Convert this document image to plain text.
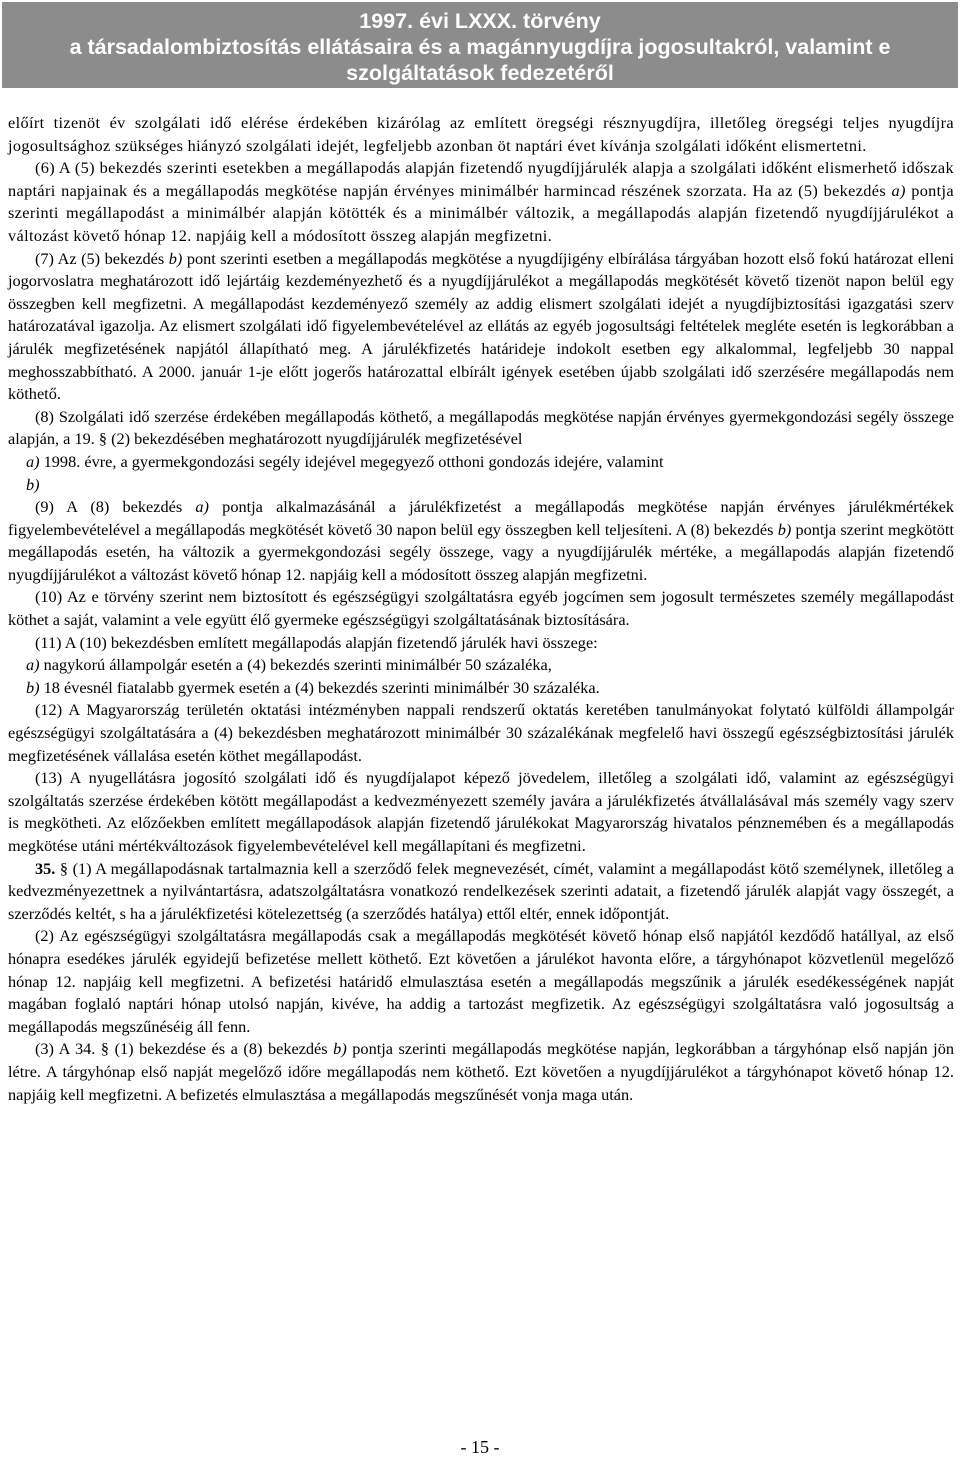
1997. évi LXXX. törvény
a társadalombiztosítás ellátásaira és a magánnyugdíjra jogosultakról, valamint e
szolgáltatások fedezetéről

előírt tizenöt év szolgálati idő elérése érdekében kizárólag az említett öregségi résznyugdíjra, illetőleg öregségi teljes nyugdíjra jogosultsághoz szükséges hiányzó szolgálati idejét, legfeljebb azonban öt naptári évet kívánja szolgálati időként elismertetni.

(6) A (5) bekezdés szerinti esetekben a megállapodás alapján fizetendő nyugdíjjárulék alapja a szolgálati időként elismerhető időszak naptári napjainak és a megállapodás megkötése napján érvényes minimálbér harmincad részének szorzata. Ha az (5) bekezdés a) pontja szerinti megállapodást a minimálbér alapján kötötték és a minimálbér változik, a megállapodás alapján fizetendő nyugdíjjárulékot a változást követő hónap 12. napjáig kell a módosított összeg alapján megfizetni.

(7) Az (5) bekezdés b) pont szerinti esetben a megállapodás megkötése a nyugdíjigény elbírálása tárgyában hozott első fokú határozat elleni jogorvoslatra meghatározott idő lejártáig kezdeményezhető és a nyugdíjjárulékot a megállapodás megkötését követő tizenöt napon belül egy összegben kell megfizetni. A megállapodást kezdeményező személy az addig elismert szolgálati idejét a nyugdíjbiztosítási igazgatási szerv határozatával igazolja. Az elismert szolgálati idő figyelembevételével az ellátás az egyéb jogosultsági feltételek megléte esetén is legkorábban a járulék megfizetésének napjától állapítható meg. A járulékfizetés határideje indokolt esetben egy alkalommal, legfeljebb 30 nappal meghosszabbítható. A 2000. január 1-je előtt jogerős határozattal elbírált igények esetében újabb szolgálati idő szerzésére megállapodás nem köthető.

(8) Szolgálati idő szerzése érdekében megállapodás köthető, a megállapodás megkötése napján érvényes gyermekgondozási segély összege alapján, a 19. § (2) bekezdésében meghatározott nyugdíjjárulék megfizetésével

a) 1998. évre, a gyermekgondozási segély idejével megegyező otthoni gondozás idejére, valamint

b)

(9) A (8) bekezdés a) pontja alkalmazásánál a járulékfizetést a megállapodás megkötése napján érvényes járulékmértékek figyelembevételével a megállapodás megkötését követő 30 napon belül egy összegben kell teljesíteni. A (8) bekezdés b) pontja szerint megkötött megállapodás esetén, ha változik a gyermekgondozási segély összege, vagy a nyugdíjjárulék mértéke, a megállapodás alapján fizetendő nyugdíjjárulékot a változást követő hónap 12. napjáig kell a módosított összeg alapján megfizetni.

(10) Az e törvény szerint nem biztosított és egészségügyi szolgáltatásra egyéb jogcímen sem jogosult természetes személy megállapodást köthet a saját, valamint a vele együtt élő gyermeke egészségügyi szolgáltatásának biztosítására.

(11) A (10) bekezdésben említett megállapodás alapján fizetendő járulék havi összege:

a) nagykorú állampolgár esetén a (4) bekezdés szerinti minimálbér 50 százaléka,

b) 18 évesnél fiatalabb gyermek esetén a (4) bekezdés szerinti minimálbér 30 százaléka.

(12) A Magyarország területén oktatási intézményben nappali rendszerű oktatás keretében tanulmányokat folytató külföldi állampolgár egészségügyi szolgáltatására a (4) bekezdésben meghatározott minimálbér 30 százalékának megfelelő havi összegű egészségbiztosítási járulék megfizetésének vállalása esetén köthet megállapodást.

(13) A nyugellátásra jogosító szolgálati idő és nyugdíjalapot képező jövedelem, illetőleg a szolgálati idő, valamint az egészségügyi szolgáltatás szerzése érdekében kötött megállapodást a kedvezményezett személy javára a járulékfizetés átvállalásával más személy vagy szerv is megkötheti. Az előzőekben említett megállapodások alapján fizetendő járulékokat Magyarország hivatalos pénznemében és a megállapodás megkötése utáni mértékváltozások figyelembevételével kell megállapítani és megfizetni.

35. § (1) A megállapodásnak tartalmaznia kell a szerződő felek megnevezését, címét, valamint a megállapodást kötő személynek, illetőleg a kedvezményezettnek a nyilvántartásra, adatszolgáltatásra vonatkozó rendelkezések szerinti adatait, a fizetendő járulék alapját vagy összegét, a szerződés keltét, s ha a járulékfizetési kötelezettség (a szerződés hatálya) ettől eltér, ennek időpontját.

(2) Az egészségügyi szolgáltatásra megállapodás csak a megállapodás megkötését követő hónap első napjától kezdődő hatállyal, az első hónapra esedékes járulék egyidejű befizetése mellett köthető. Ezt követően a járulékot havonta előre, a tárgyhónapot közvetlenül megelőző hónap 12. napjáig kell megfizetni. A befizetési határidő elmulasztása esetén a megállapodás megszűnik a járulék esedékességének napját magában foglaló naptári hónap utolsó napján, kivéve, ha addig a tartozást megfizetik. Az egészségügyi szolgáltatásra való jogosultság a megállapodás megszűnéséig áll fenn.

(3) A 34. § (1) bekezdése és a (8) bekezdés b) pontja szerinti megállapodás megkötése napján, legkorábban a tárgyhónap első napján jön létre. A tárgyhónap első napját megelőző időre megállapodás nem köthető. Ezt követően a nyugdíjjárulékot a tárgyhónapot követő hónap 12. napjáig kell megfizetni. A befizetés elmulasztása a megállapodás megszűnését vonja maga után.

- 15 -
